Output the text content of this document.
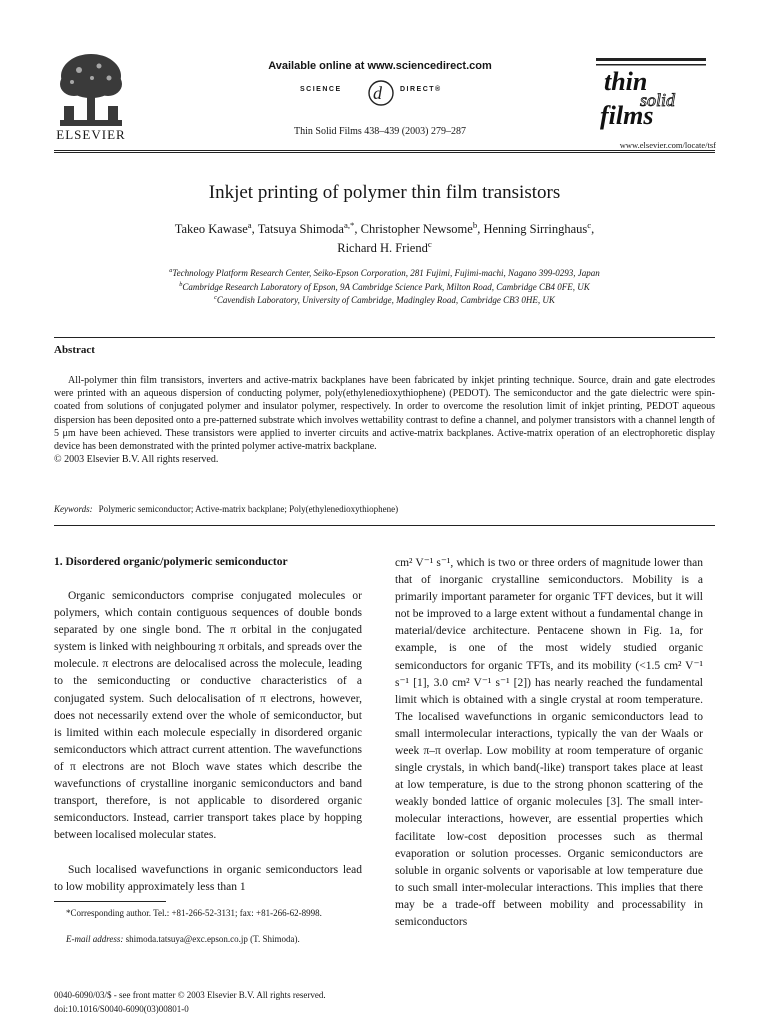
ELSEVIER
Available online at www.sciencedirect.com
d
SCIENCE	DIRECT®
Thin Solid Films 438–439 (2003) 279–287
thin
solid
films
www.elsevier.com/locate/tsf
Inkjet printing of polymer thin film transistors
Takeo Kawase$^a$, Tatsuya Shimoda$^{a,*}$, Christopher Newsome$^b$, Henning Sirringhaus$^c$,
Richard H. Friend$^c$
$^a$Technology Platform Research Center, Seiko-Epson Corporation, 281 Fujimi, Fujimi-machi, Nagano 399-0293, Japan
$^b$Cambridge Research Laboratory of Epson, 9A Cambridge Science Park, Milton Road, Cambridge CB4 0FE, UK
$^c$Cavendish Laboratory, University of Cambridge, Madingley Road, Cambridge CB3 0HE, UK
Abstract

All-polymer thin film transistors, inverters and active-matrix backplanes have been fabricated by inkjet printing technique. Source, drain and gate electrodes were printed with an aqueous dispersion of conducting polymer, poly(ethylenedioxythiophene) (PEDOT). The semiconductor and the gate dielectric were spin-coated from solutions of conjugated polymer and insulator polymer, respectively. In order to overcome the resolution limit of inkjet printing, PEDOT aqueous dispersion has been deposited onto a pre-patterned substrate which involves wettability contrast to define a channel, and polymer transistors with a channel length of 5 μm have been achieved. These transistors were applied to inverter circuits and active-matrix backplanes. Active-matrix operation of an electrophoretic display device has been demonstrated with the printed polymer active-matrix backplane.
© 2003 Elsevier B.V. All rights reserved.

Keywords: Polymeric semiconductor; Active-matrix backplane; Poly(ethylenedioxythiophene)
1. Disordered organic/polymeric semiconductor

Organic semiconductors comprise conjugated molecules or polymers, which contain contiguous sequences of double bonds separated by one single bond. The π orbital in the conjugated system is linked with neighbouring π orbitals, and spreads over the molecule. π electrons are delocalised across the molecule, leading to the semiconducting or conductive characteristics of a conjugated system. Such delocalisation of π electrons, however, does not necessarily extend over the whole of semiconductor, but is limited within each molecule especially in disordered organic semiconductors which attract current attention. The wavefunctions of π electrons are not Bloch wave states which describe the wavefunctions of crystalline inorganic semiconductors and band transport, therefore, is not applicable to disordered organic semiconductors. Instead, carrier transport takes place by hopping between localised molecular states.

Such localised wavefunctions in organic semiconductors lead to low mobility approximately less than 1

*Corresponding author. Tel.: +81-266-52-3131; fax: +81-266-62-8998.

E-mail address: shimoda.tatsuya@exc.epson.co.jp (T. Shimoda).

cm² V⁻¹ s⁻¹, which is two or three orders of magnitude lower than that of inorganic crystalline semiconductors. Mobility is a primarily important parameter for organic TFT devices, but it will not be improved to a large extent without a fundamental change in material/device architecture. Pentacene shown in Fig. 1a, for example, is one of the most widely studied organic semiconductors for organic TFTs, and its mobility (<1.5 cm² V⁻¹ s⁻¹ [1], 3.0 cm² V⁻¹ s⁻¹ [2]) has nearly reached the fundamental limit which is obtained with a single crystal at room temperature. The localised wavefunctions in organic semiconductors lead to small intermolecular interactions, typically the van der Waals or week π–π overlap. Low mobility at room temperature of organic single crystals, in which band(-like) transport takes place at least at low temperature, is due to the strong phonon scattering of the weakly bonded lattice of organic molecules [3]. The small inter-molecular interactions, however, are essential properties which facilitate low-cost deposition processes such as thermal evaporation or solution processes. Organic semiconductors are soluble in organic solvents or vaporisable at low temperature due to such small inter-molecular interactions. This implies that there may be a trade-off between mobility and processability in semiconductors

0040-6090/03/$ - see front matter © 2003 Elsevier B.V. All rights reserved.
doi:10.1016/S0040-6090(03)00801-0
